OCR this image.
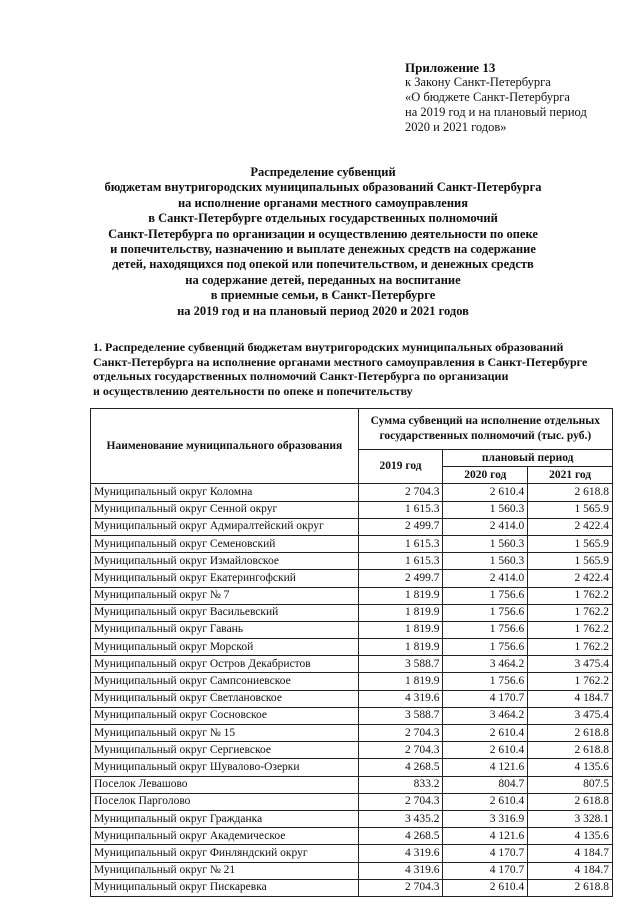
Приложение 13
к Закону Санкт-Петербурга
«О бюджете Санкт-Петербурга
на 2019 год и на плановый период
2020 и 2021 годов»
Распределение субвенций
бюджетам внутригородских муниципальных образований Санкт-Петербурга
на исполнение органами местного самоуправления
в Санкт-Петербурге отдельных государственных полномочий
Санкт-Петербурга по организации и осуществлению деятельности по опеке
и попечительству, назначению и выплате денежных средств на содержание
детей, находящихся под опекой или попечительством, и денежных средств
на содержание детей, переданных на воспитание
в приемные семьи, в Санкт-Петербурге
на 2019 год и на плановый период 2020 и 2021 годов
1. Распределение субвенций бюджетам внутригородских муниципальных образований
Санкт-Петербурга на исполнение органами местного самоуправления в Санкт-Петербурге
отдельных государственных полномочий Санкт-Петербурга по организации
и осуществлению деятельности по опеке и попечительству
Наименование муниципального образования	Сумма субвенций на исполнение отдельных государственных полномочий (тыс. руб.)		
	2019 год	плановый период	
		2020 год	2021 год
Муниципальный округ Коломна	2 704.3	2 610.4	2 618.8
Муниципальный округ Сенной округ	1 615.3	1 560.3	1 565.9
Муниципальный округ Адмиралтейский округ	2 499.7	2 414.0	2 422.4
Муниципальный округ Семеновский	1 615.3	1 560.3	1 565.9
Муниципальный округ Измайловское	1 615.3	1 560.3	1 565.9
Муниципальный округ Екатерингофский	2 499.7	2 414.0	2 422.4
Муниципальный округ № 7	1 819.9	1 756.6	1 762.2
Муниципальный округ Васильевский	1 819.9	1 756.6	1 762.2
Муниципальный округ Гавань	1 819.9	1 756.6	1 762.2
Муниципальный округ Морской	1 819.9	1 756.6	1 762.2
Муниципальный округ Остров Декабристов	3 588.7	3 464.2	3 475.4
Муниципальный округ Сампсониевское	1 819.9	1 756.6	1 762.2
Муниципальный округ Светлановское	4 319.6	4 170.7	4 184.7
Муниципальный округ Сосновское	3 588.7	3 464.2	3 475.4
Муниципальный округ № 15	2 704.3	2 610.4	2 618.8
Муниципальный округ Сергиевское	2 704.3	2 610.4	2 618.8
Муниципальный округ Шувалово-Озерки	4 268.5	4 121.6	4 135.6
Поселок Левашово	833.2	804.7	807.5
Поселок Парголово	2 704.3	2 610.4	2 618.8
Муниципальный округ Гражданка	3 435.2	3 316.9	3 328.1
Муниципальный округ Академическое	4 268.5	4 121.6	4 135.6
Муниципальный округ Финляндский округ	4 319.6	4 170.7	4 184.7
Муниципальный округ № 21	4 319.6	4 170.7	4 184.7
Муниципальный округ Пискаревка	2 704.3	2 610.4	2 618.8
